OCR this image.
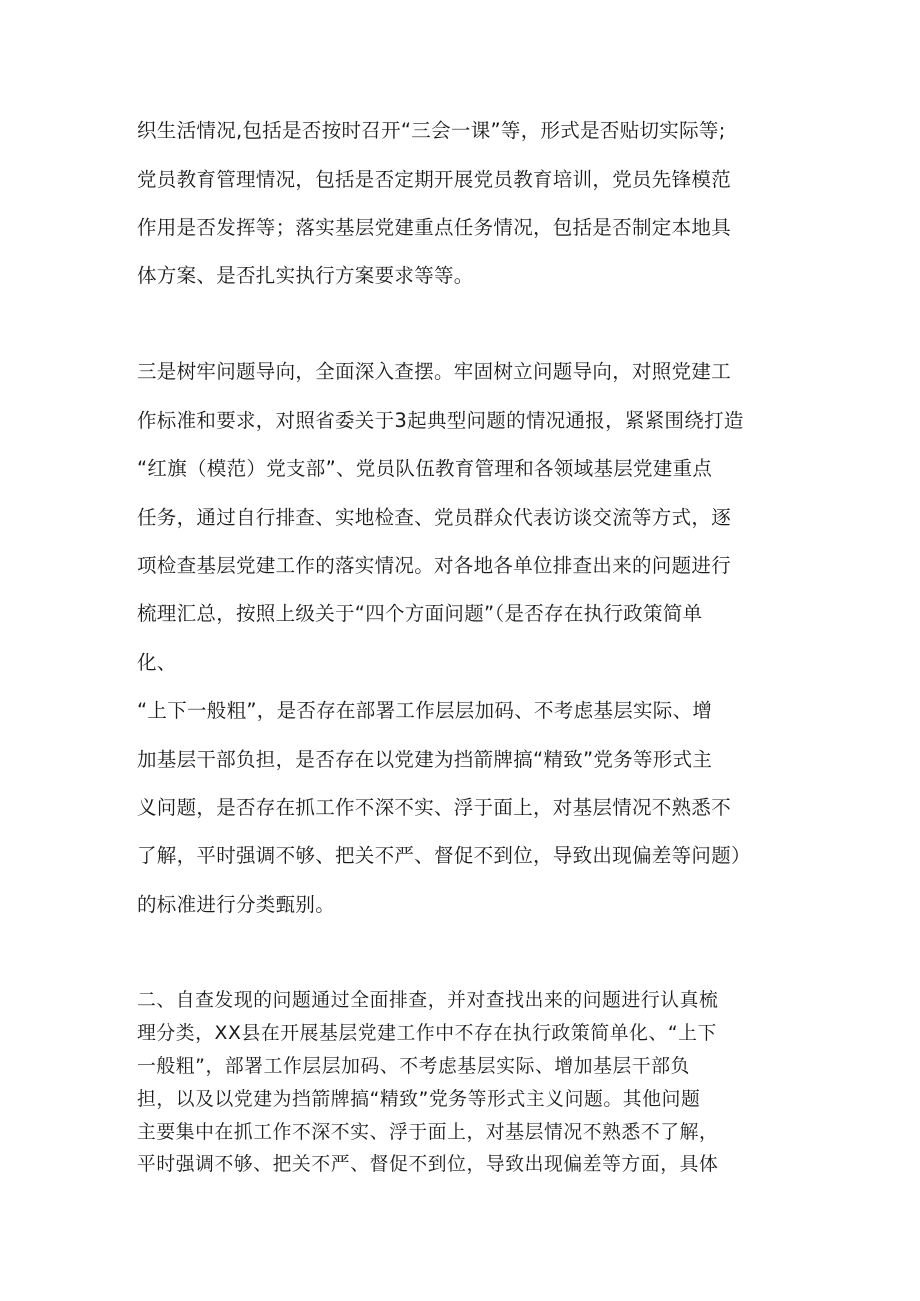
织生活情况,包括是否按时召开“三会一课”等，形式是否贴切实际等;

党员教育管理情况，包括是否定期开展党员教育培训，党员先锋模范

作用是否发挥等；落实基层党建重点任务情况，包括是否制定本地具

体方案、是否扎实执行方案要求等等。

三是树牢问题导向，全面深入查摆。牢固树立问题导向，对照党建工

作标准和要求，对照省委关于3起典型问题的情况通报，紧紧围绕打造

“红旗（模范）党支部”、党员队伍教育管理和各领域基层党建重点

任务，通过自行排查、实地检查、党员群众代表访谈交流等方式，逐

项检查基层党建工作的落实情况。对各地各单位排查出来的问题进行

梳理汇总，按照上级关于“四个方面问题”（是否存在执行政策简单

化、

“上下一般粗”，是否存在部署工作层层加码、不考虑基层实际、增

加基层干部负担，是否存在以党建为挡箭牌搞“精致”党务等形式主

义问题，是否存在抓工作不深不实、浮于面上，对基层情况不熟悉不

了解，平时强调不够、把关不严、督促不到位，导致出现偏差等问题）

的标准进行分类甄别。

二、自查发现的问题通过全面排查，并对查找出来的问题进行认真梳

理分类，XX县在开展基层党建工作中不存在执行政策简单化、“上下

一般粗”，部署工作层层加码、不考虑基层实际、增加基层干部负

担，以及以党建为挡箭牌搞“精致”党务等形式主义问题。其他问题

主要集中在抓工作不深不实、浮于面上，对基层情况不熟悉不了解，

平时强调不够、把关不严、督促不到位，导致出现偏差等方面，具体
